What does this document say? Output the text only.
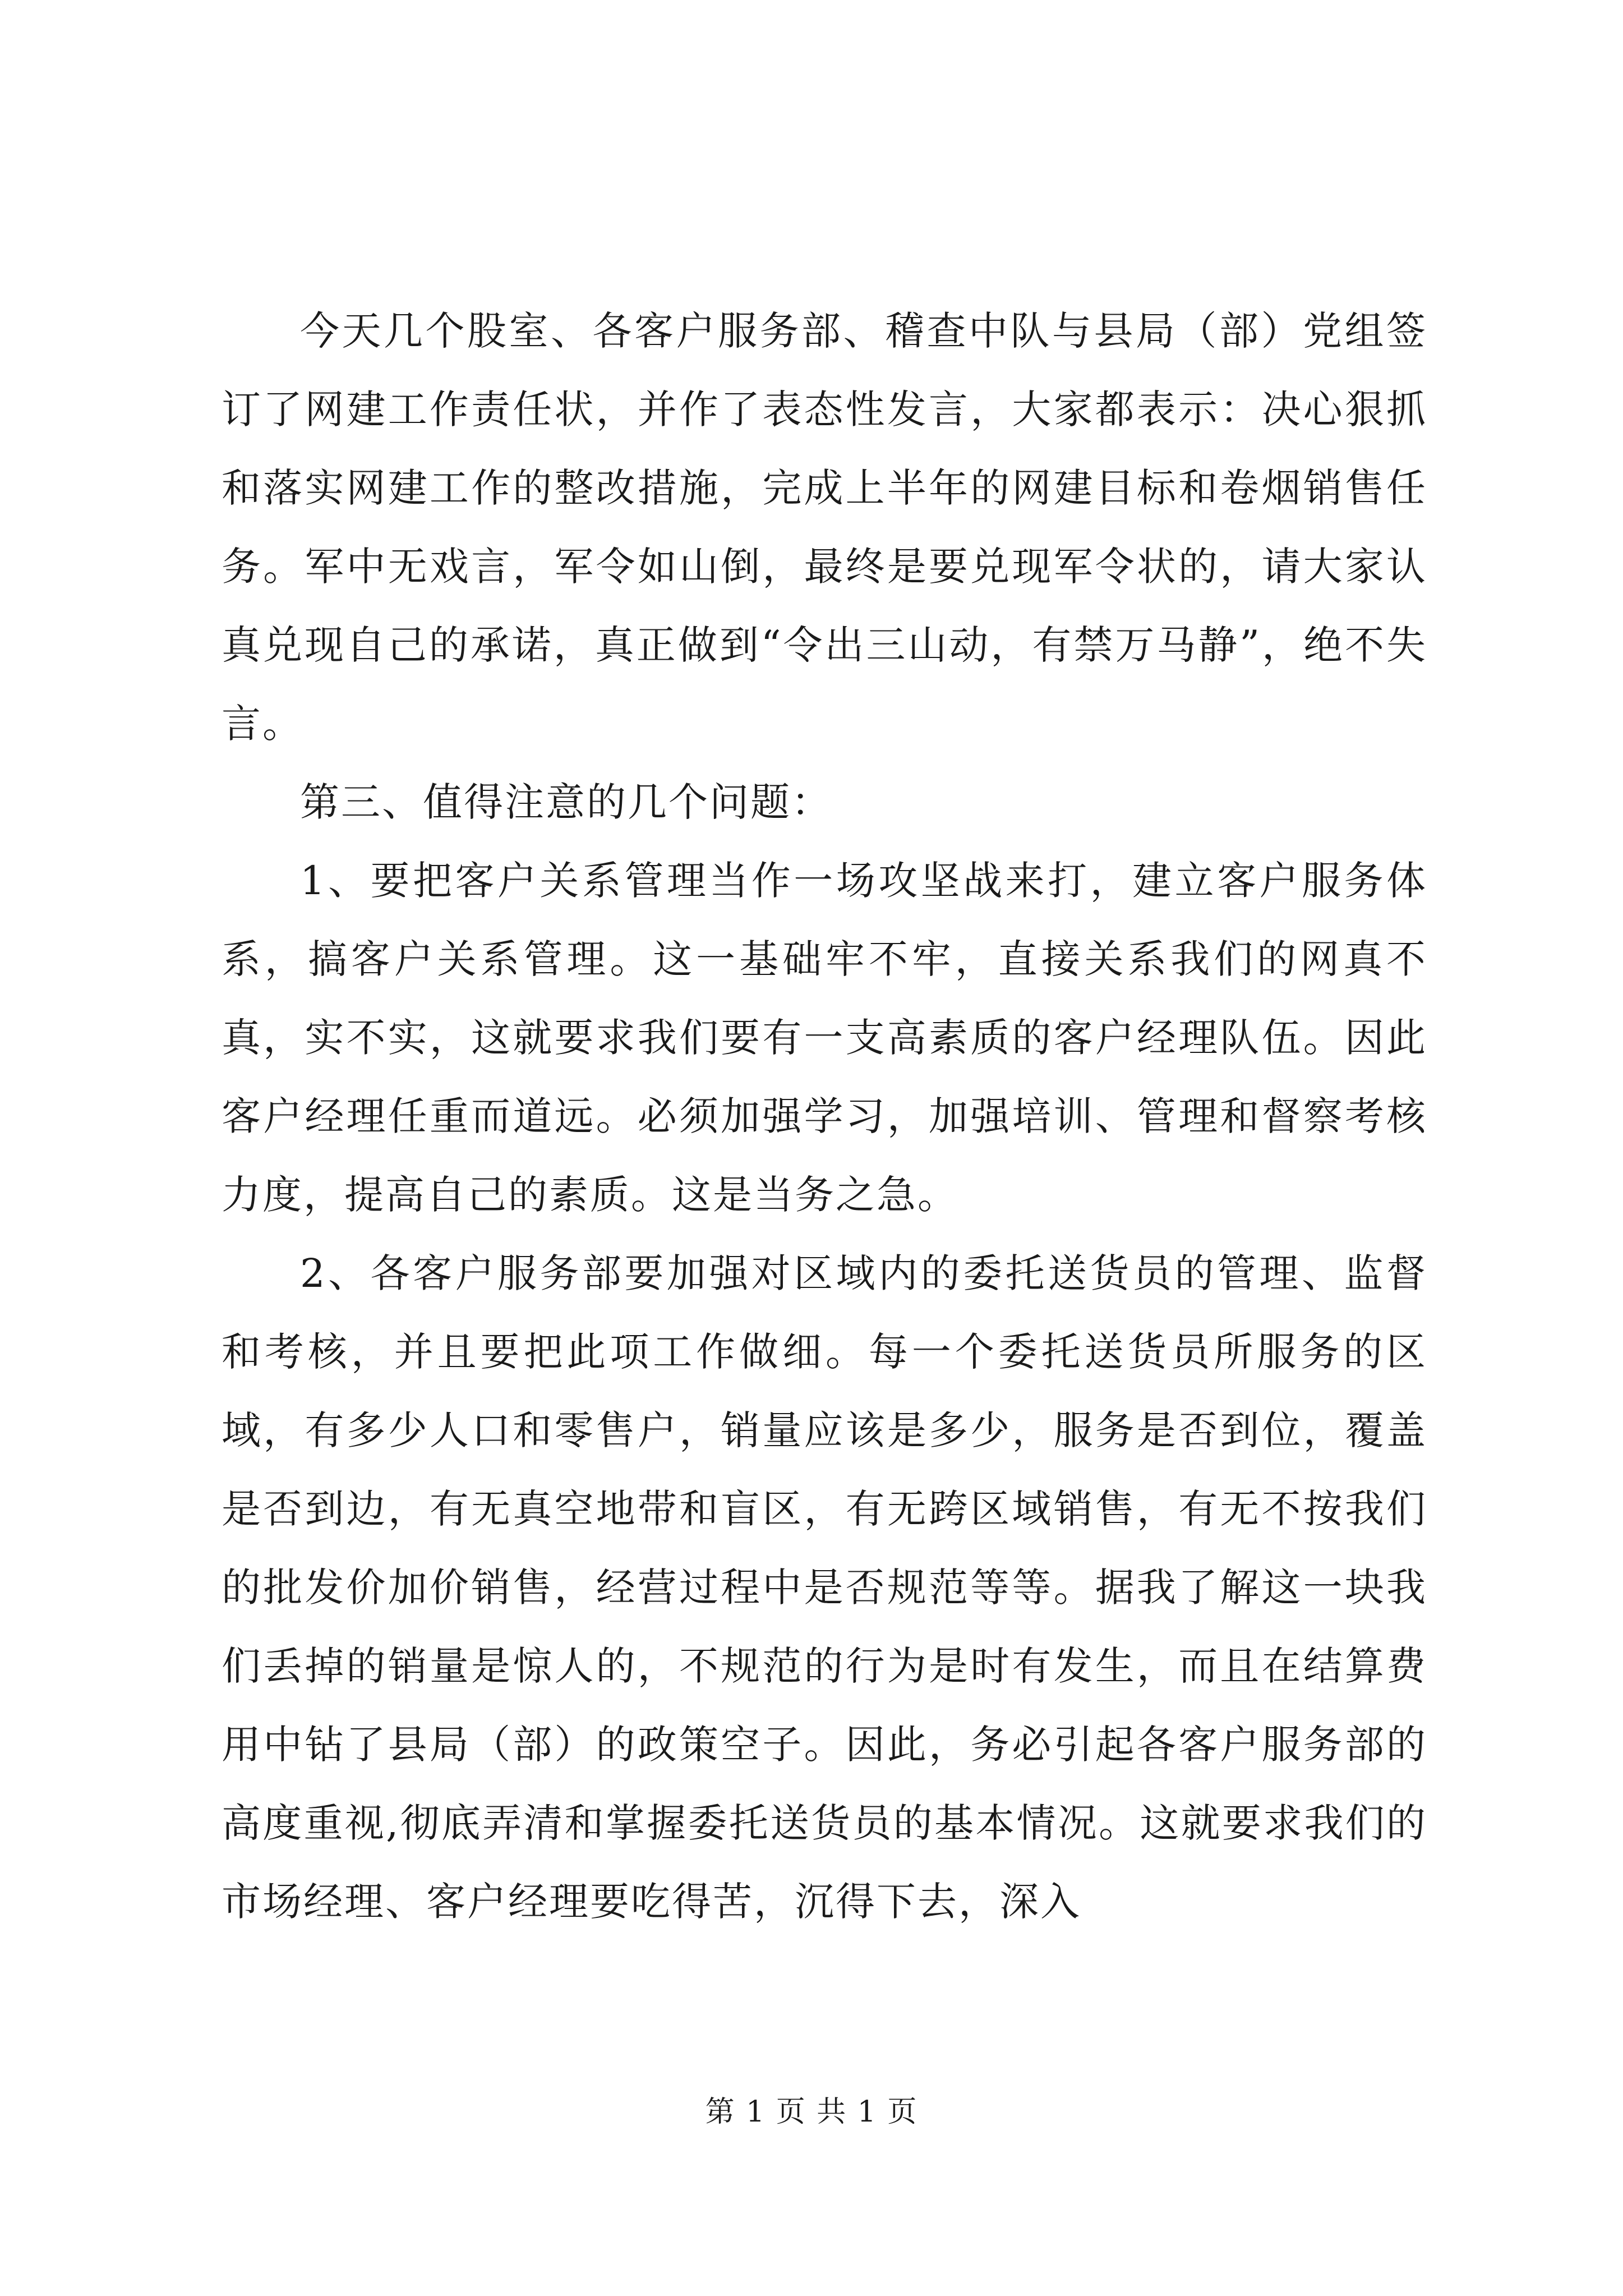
今天几个股室、各客户服务部、稽查中队与县局（部）党组签订了网建工作责任状，并作了表态性发言，大家都表示：决心狠抓和落实网建工作的整改措施，完成上半年的网建目标和卷烟销售任务。军中无戏言，军令如山倒，最终是要兑现军令状的，请大家认真兑现自己的承诺，真正做到“令出三山动，有禁万马静”，绝不失言。

第三、值得注意的几个问题：

1、要把客户关系管理当作一场攻坚战来打，建立客户服务体系，搞客户关系管理。这一基础牢不牢，直接关系我们的网真不真，实不实，这就要求我们要有一支高素质的客户经理队伍。因此客户经理任重而道远。必须加强学习，加强培训、管理和督察考核力度，提高自己的素质。这是当务之急。

2、各客户服务部要加强对区域内的委托送货员的管理、监督和考核，并且要把此项工作做细。每一个委托送货员所服务的区域，有多少人口和零售户，销量应该是多少，服务是否到位，覆盖是否到边，有无真空地带和盲区，有无跨区域销售，有无不按我们的批发价加价销售，经营过程中是否规范等等。据我了解这一块我们丢掉的销量是惊人的，不规范的行为是时有发生，而且在结算费用中钻了县局（部）的政策空子。因此，务必引起各客户服务部的高度重视,彻底弄清和掌握委托送货员的基本情况。这就要求我们的市场经理、客户经理要吃得苦，沉得下去，深入

第 1 页 共 1 页
